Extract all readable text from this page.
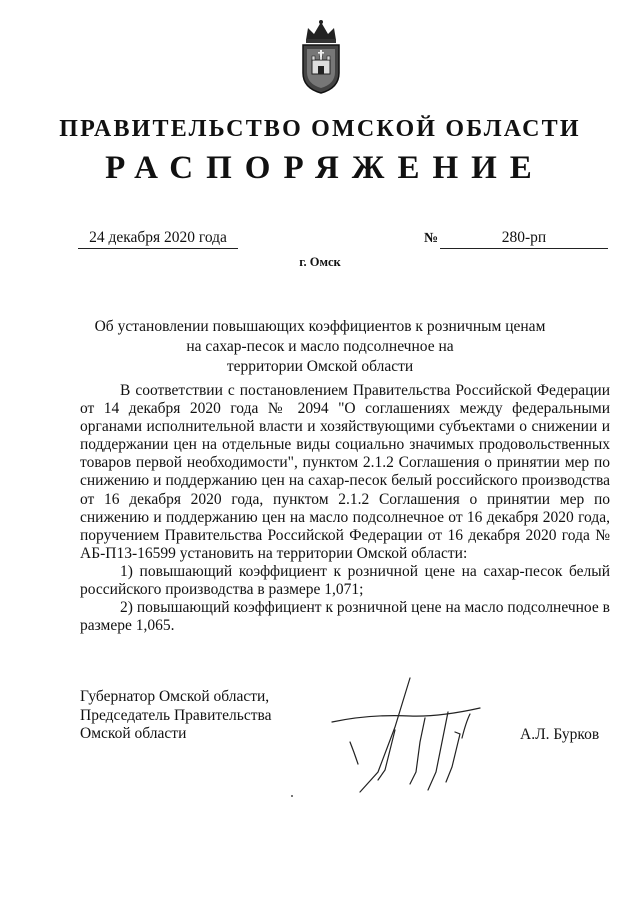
ПРАВИТЕЛЬСТВО ОМСКОЙ ОБЛАСТИ
РАСПОРЯЖЕНИЕ
24 декабря 2020 года	№	280-рп
г. Омск
Об установлении повышающих коэффициентов к розничным ценам
на сахар-песок и масло подсолнечное на
территории Омской области

В соответствии с постановлением Правительства Российской Федерации от 14 декабря 2020 года № 2094 "О соглашениях между федеральными органами исполнительной власти и хозяйствующими субъектами о снижении и поддержании цен на отдельные виды социально значимых продовольственных товаров первой необходимости", пунктом 2.1.2 Соглашения о принятии мер по снижению и поддержанию цен на сахар-песок белый российского производства от 16 декабря 2020 года, пунктом 2.1.2 Соглашения о принятии мер по снижению и поддержанию цен на масло подсолнечное от 16 декабря 2020 года, поручением Правительства Российской Федерации от 16 декабря 2020 года № АБ-П13-16599 установить на территории Омской области:

1) повышающий коэффициент к розничной цене на сахар-песок белый российского производства в размере 1,071;

2) повышающий коэффициент к розничной цене на масло подсолнечное в размере 1,065.

Губернатор Омской области,
Председатель Правительства
Омской области	А.Л. Бурков
